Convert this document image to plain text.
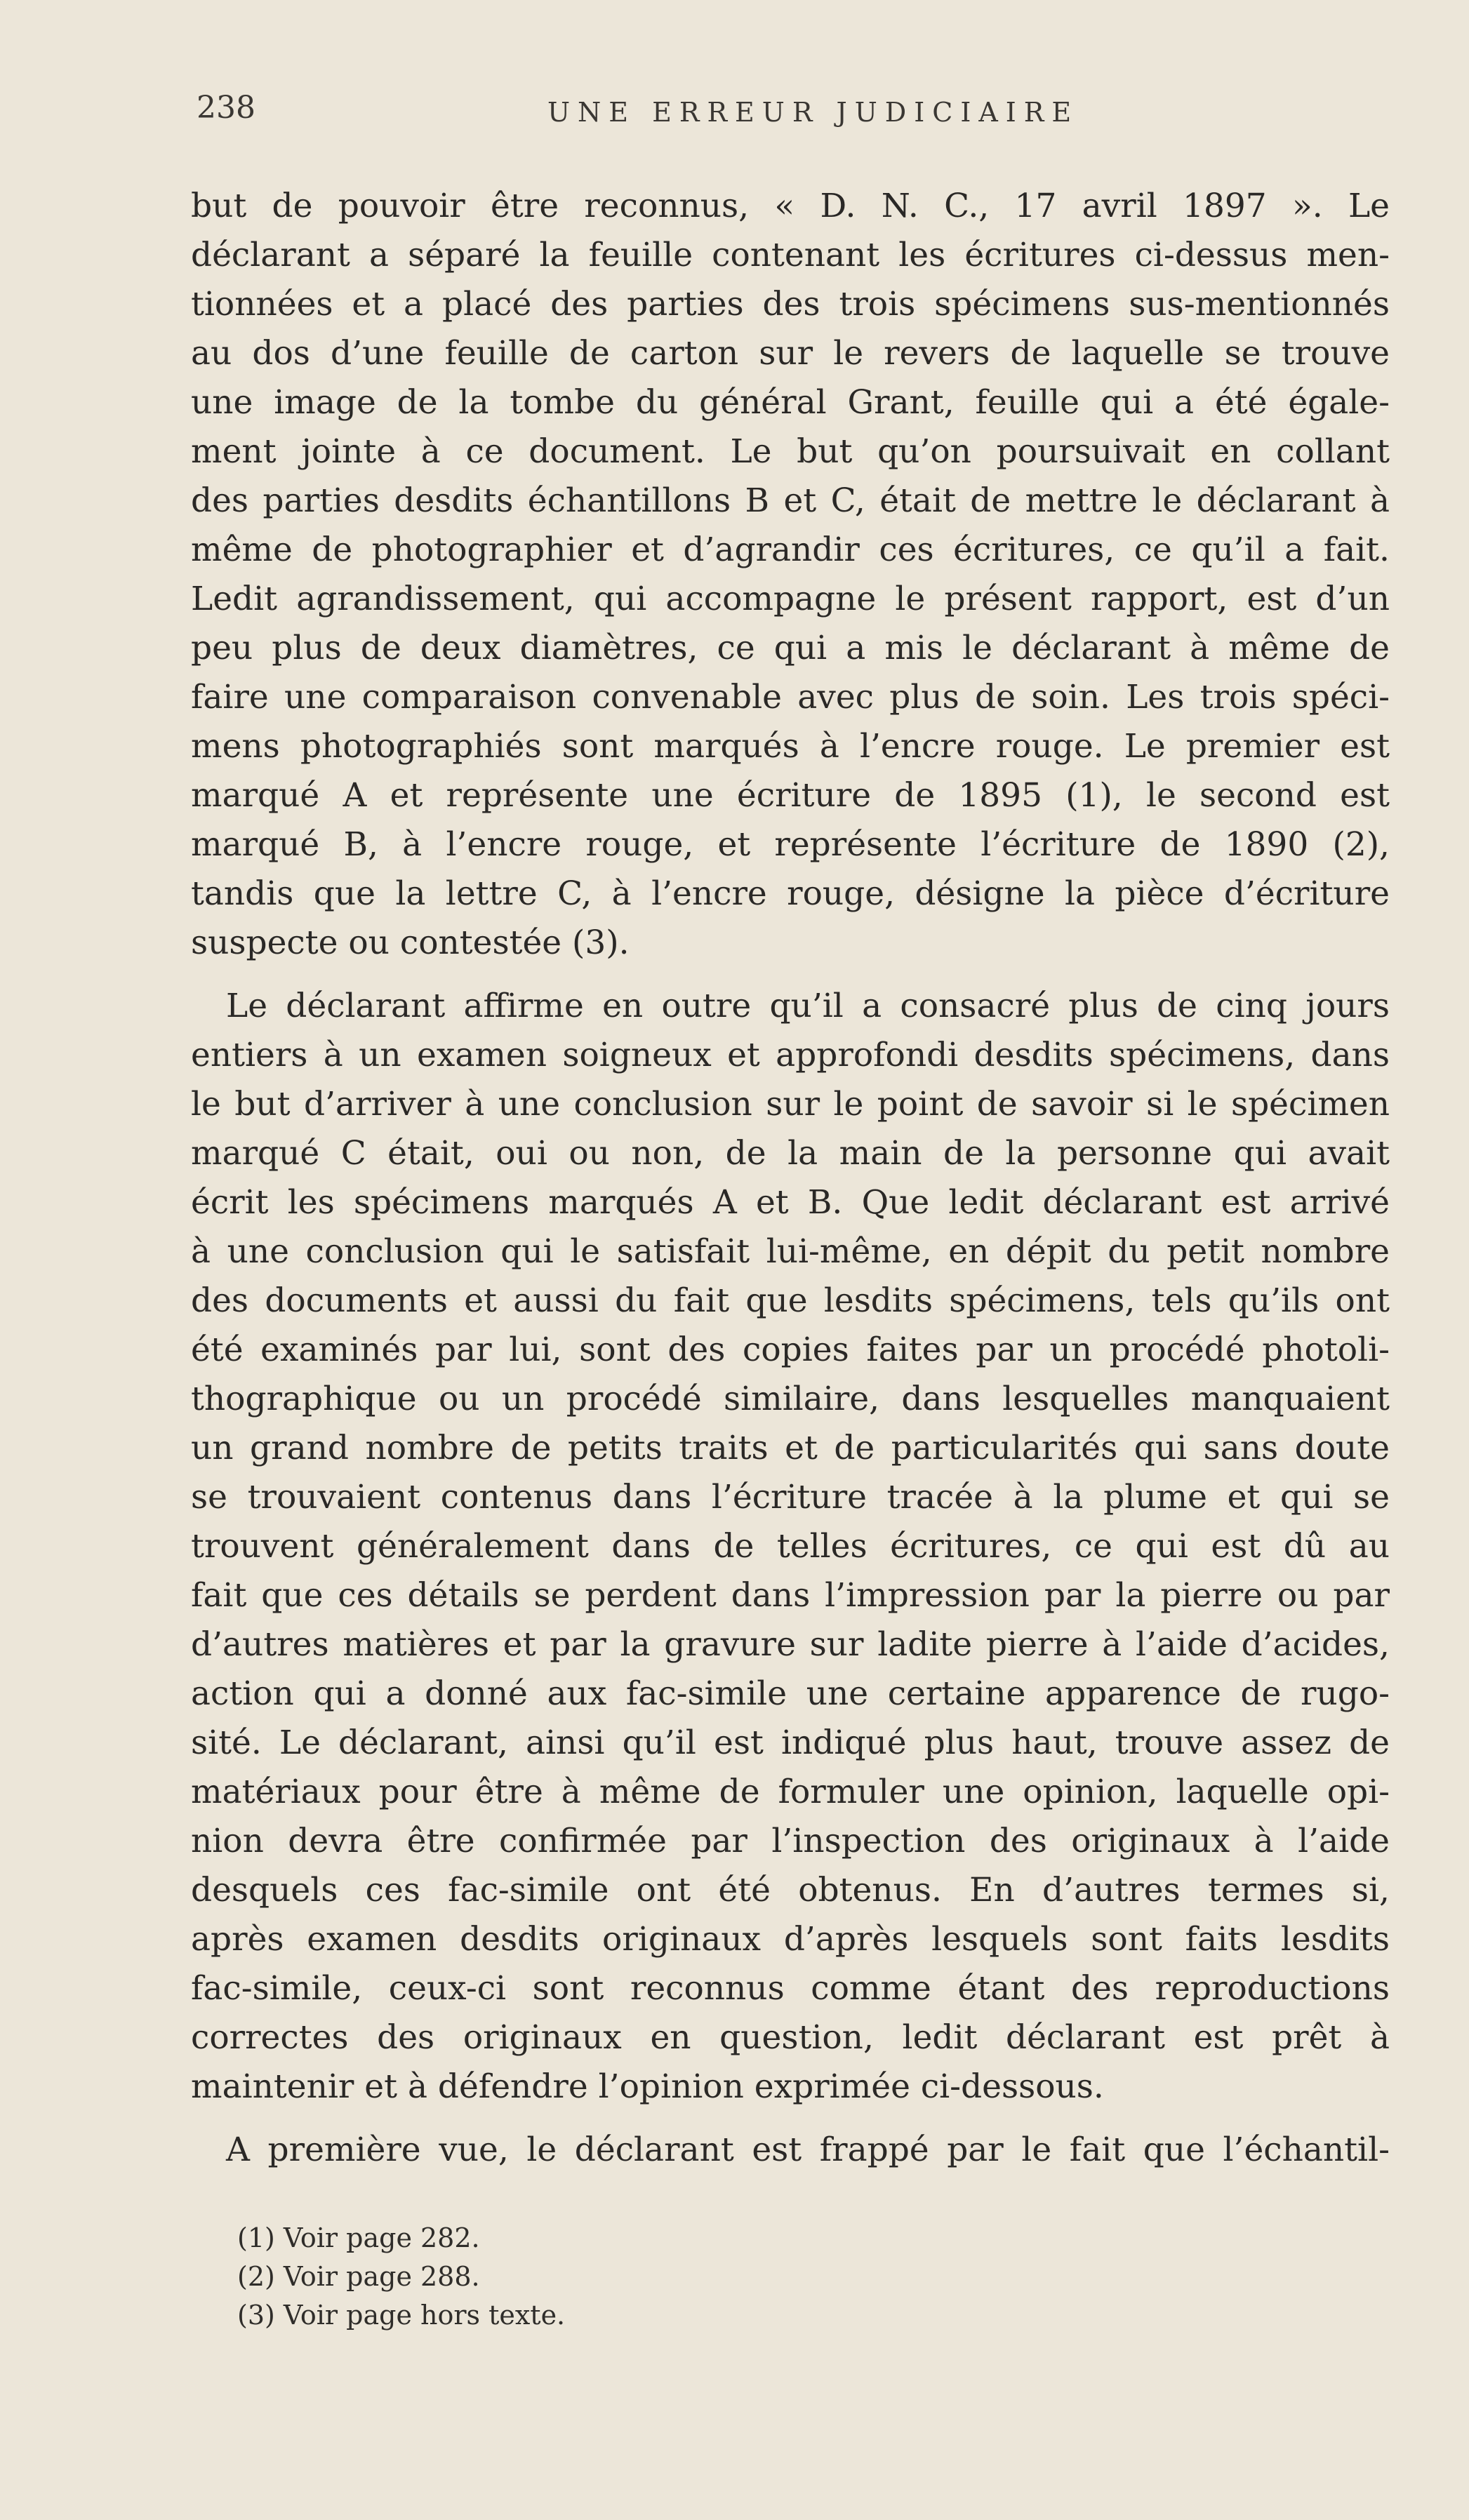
238	UNE ERREUR JUDICIAIRE
but de pouvoir être reconnus, « D. N. C., 17 avril 1897 ». Le
déclarant a séparé la feuille contenant les écritures ci-dessus men-
tionnées et a placé des parties des trois spécimens sus-mentionnés
au dos d’une feuille de carton sur le revers de laquelle se trouve
une image de la tombe du général Grant, feuille qui a été égale-
ment jointe à ce document. Le but qu’on poursuivait en collant
des parties desdits échantillons B et C, était de mettre le déclarant à
même de photographier et d’agrandir ces écritures, ce qu’il a fait.
Ledit agrandissement, qui accompagne le présent rapport, est d’un
peu plus de deux diamètres, ce qui a mis le déclarant à même de
faire une comparaison convenable avec plus de soin. Les trois spéci-
mens photographiés sont marqués à l’encre rouge. Le premier est
marqué A et représente une écriture de 1895 (1), le second est
marqué B, à l’encre rouge, et représente l’écriture de 1890 (2),
tandis que la lettre C, à l’encre rouge, désigne la pièce d’écriture
suspecte ou contestée (3).
Le déclarant affirme en outre qu’il a consacré plus de cinq jours
entiers à un examen soigneux et approfondi desdits spécimens, dans
le but d’arriver à une conclusion sur le point de savoir si le spécimen
marqué C était, oui ou non, de la main de la personne qui avait
écrit les spécimens marqués A et B. Que ledit déclarant est arrivé
à une conclusion qui le satisfait lui-même, en dépit du petit nombre
des documents et aussi du fait que lesdits spécimens, tels qu’ils ont
été examinés par lui, sont des copies faites par un procédé photoli-
thographique ou un procédé similaire, dans lesquelles manquaient
un grand nombre de petits traits et de particularités qui sans doute
se trouvaient contenus dans l’écriture tracée à la plume et qui se
trouvent généralement dans de telles écritures, ce qui est dû au
fait que ces détails se perdent dans l’impression par la pierre ou par
d’autres matières et par la gravure sur ladite pierre à l’aide d’acides,
action qui a donné aux fac-simile une certaine apparence de rugo-
sité. Le déclarant, ainsi qu’il est indiqué plus haut, trouve assez de
matériaux pour être à même de formuler une opinion, laquelle opi-
nion devra être confirmée par l’inspection des originaux à l’aide
desquels ces fac-simile ont été obtenus. En d’autres termes si,
après examen desdits originaux d’après lesquels sont faits lesdits
fac-simile, ceux-ci sont reconnus comme étant des reproductions
correctes des originaux en question, ledit déclarant est prêt à
maintenir et à défendre l’opinion exprimée ci-dessous.
A première vue, le déclarant est frappé par le fait que l’échantil-
(1) Voir page 282.
(2) Voir page 288.
(3) Voir page hors texte.
